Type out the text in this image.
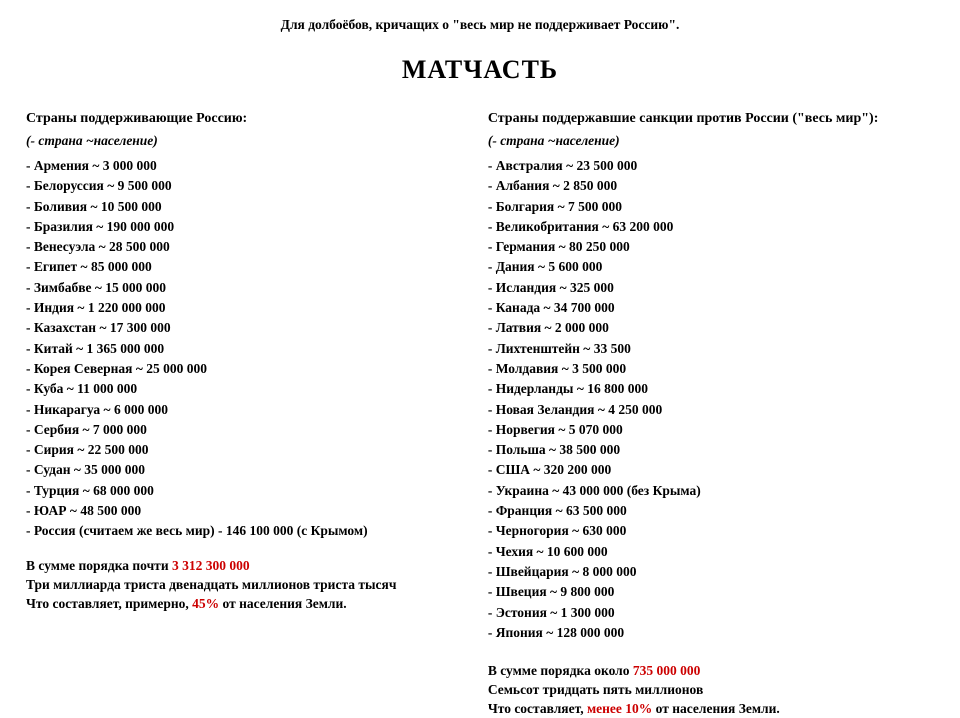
Для долбоёбов, кричащих о "весь мир не поддерживает Россию".
МАТЧАСТЬ
Страны поддерживающие Россию:
(- страна ~население)
- Армения ~ 3 000 000
- Белоруссия ~ 9 500 000
- Боливия ~ 10 500 000
- Бразилия ~ 190 000 000
- Венесуэла ~ 28 500 000
- Египет ~ 85 000 000
- Зимбабве ~ 15 000 000
- Индия ~ 1 220 000 000
- Казахстан ~ 17 300 000
- Китай ~ 1 365 000 000
- Корея Северная ~ 25 000 000
- Куба ~ 11 000 000
- Никарагуа ~ 6 000 000
- Сербия ~ 7 000 000
- Сирия ~ 22 500 000
- Судан ~ 35 000 000
- Турция ~ 68 000 000
- ЮАР ~ 48 500 000
- Россия (считаем же весь мир) - 146 100 000 (с Крымом)
В сумме порядка почти 3 312 300 000
Три миллиарда триста двенадцать миллионов триста тысяч
Что составляет, примерно, 45% от населения Земли.
Страны поддержавшие санкции против России ("весь мир"):
(- страна ~население)
- Австралия ~ 23 500 000
- Албания ~ 2 850 000
- Болгария ~ 7 500 000
- Великобритания ~ 63 200 000
- Германия ~ 80 250 000
- Дания ~ 5 600 000
- Исландия ~ 325 000
- Канада ~ 34 700 000
- Латвия ~ 2 000 000
- Лихтенштейн ~ 33 500
- Молдавия ~ 3 500 000
- Нидерланды ~ 16 800 000
- Новая Зеландия ~ 4 250 000
- Норвегия ~ 5 070 000
- Польша ~ 38 500 000
- США ~ 320 200 000
- Украина ~ 43 000 000 (без Крыма)
- Франция ~ 63 500 000
- Черногория ~ 630 000
- Чехия ~ 10 600 000
- Швейцария ~ 8 000 000
- Швеция ~ 9 800 000
- Эстония ~ 1 300 000
- Япония ~ 128 000 000
В сумме порядка около 735 000 000
Семьсот тридцать пять миллионов
Что составляет, менее 10% от населения Земли.
